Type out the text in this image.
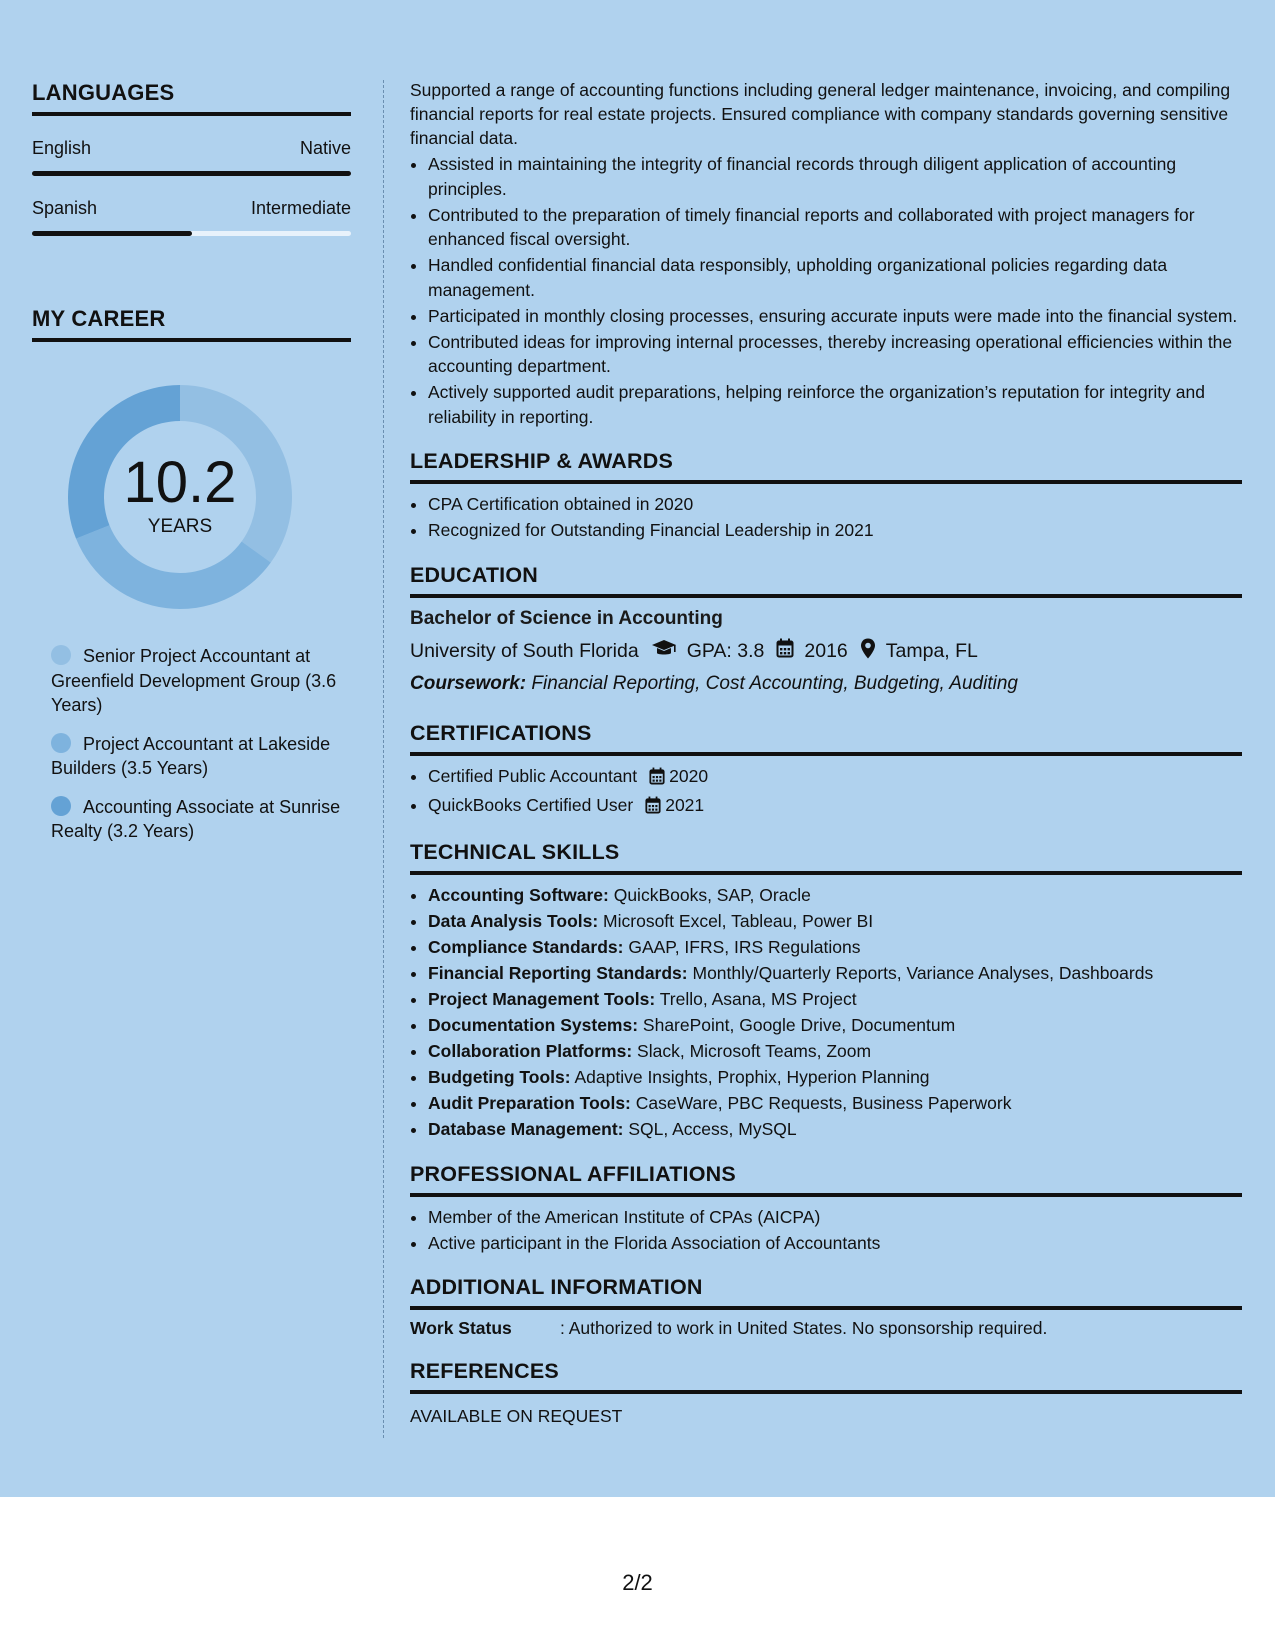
LANGUAGES
English	Native
Spanish	Intermediate
MY CAREER
10.2
YEARS
Senior Project Accountant at Greenfield Development Group (3.6 Years)
Project Accountant at Lakeside Builders (3.5 Years)
Accounting Associate at Sunrise Realty (3.2 Years)

Supported a range of accounting functions including general ledger maintenance, invoicing, and compiling financial reports for real estate projects. Ensured compliance with company standards governing sensitive financial data.

• Assisted in maintaining the integrity of financial records through diligent application of accounting principles.
• Contributed to the preparation of timely financial reports and collaborated with project managers for enhanced fiscal oversight.
• Handled confidential financial data responsibly, upholding organizational policies regarding data management.
• Participated in monthly closing processes, ensuring accurate inputs were made into the financial system.
• Contributed ideas for improving internal processes, thereby increasing operational efficiencies within the accounting department.
• Actively supported audit preparations, helping reinforce the organization’s reputation for integrity and reliability in reporting.
LEADERSHIP & AWARDS
• CPA Certification obtained in 2020
• Recognized for Outstanding Financial Leadership in 2021
EDUCATION
Bachelor of Science in Accounting
University of South Florida GPA: 3.8 2016 Tampa, FL
Coursework: Financial Reporting, Cost Accounting, Budgeting, Auditing
CERTIFICATIONS
• Certified Public Accountant 2020
• QuickBooks Certified User 2021
TECHNICAL SKILLS
• Accounting Software: QuickBooks, SAP, Oracle
• Data Analysis Tools: Microsoft Excel, Tableau, Power BI
• Compliance Standards: GAAP, IFRS, IRS Regulations
• Financial Reporting Standards: Monthly/Quarterly Reports, Variance Analyses, Dashboards
• Project Management Tools: Trello, Asana, MS Project
• Documentation Systems: SharePoint, Google Drive, Documentum
• Collaboration Platforms: Slack, Microsoft Teams, Zoom
• Budgeting Tools: Adaptive Insights, Prophix, Hyperion Planning
• Audit Preparation Tools: CaseWare, PBC Requests, Business Paperwork
• Database Management: SQL, Access, MySQL
PROFESSIONAL AFFILIATIONS
• Member of the American Institute of CPAs (AICPA)
• Active participant in the Florida Association of Accountants
ADDITIONAL INFORMATION
Work Status	: Authorized to work in United States. No sponsorship required.
REFERENCES
AVAILABLE ON REQUEST
2/2
